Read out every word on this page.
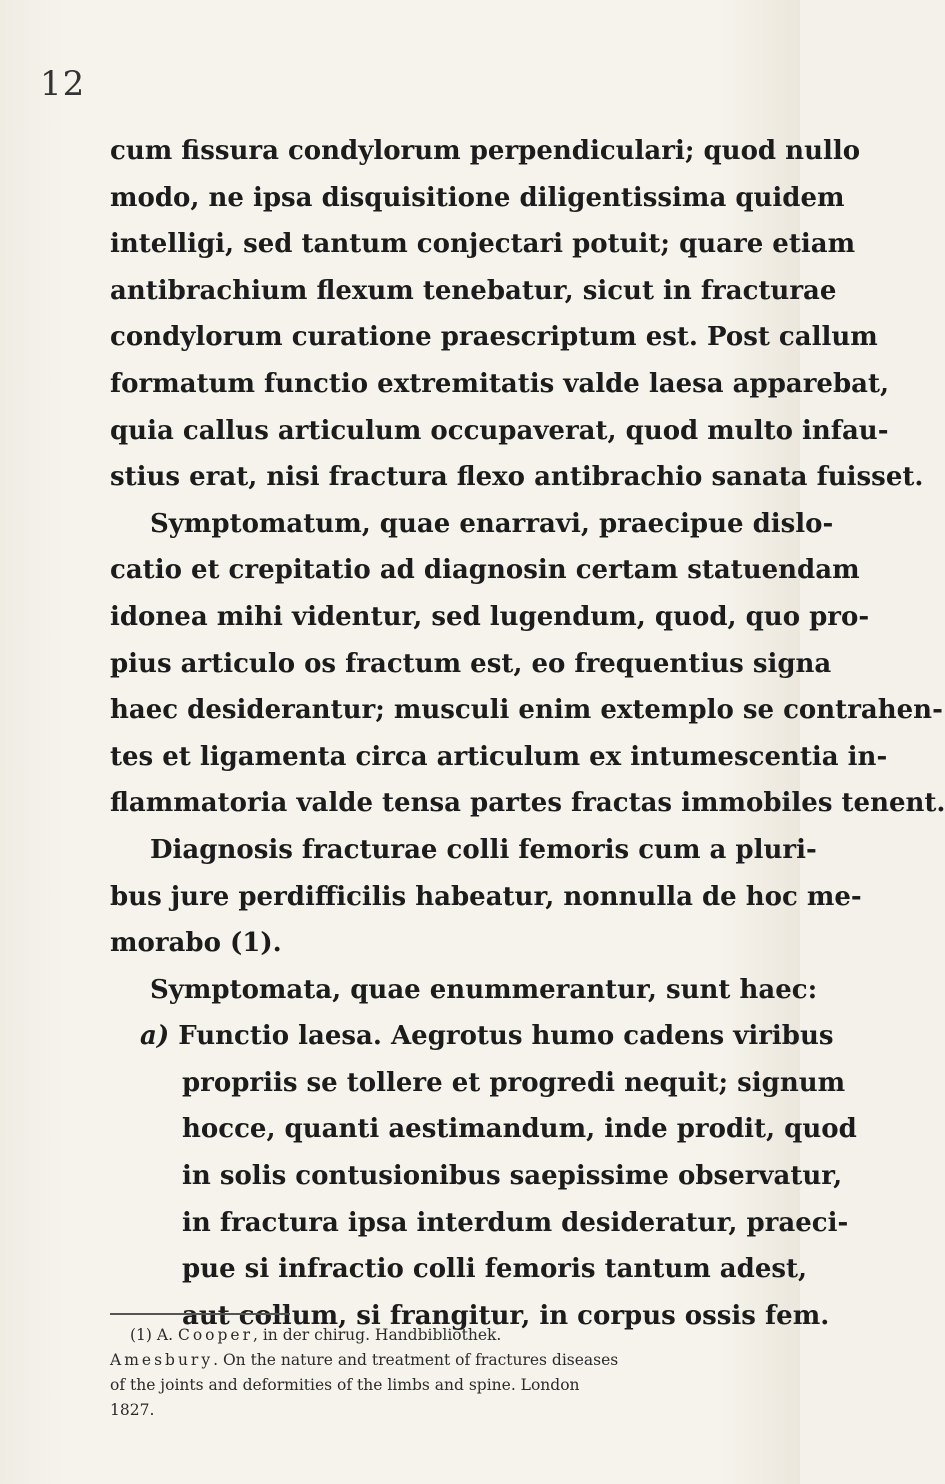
12
cum fissura condylorum perpendiculari; quod nullo
modo, ne ipsa disquisitione diligentissima quidem
intelligi, sed tantum conjectari potuit; quare etiam
antibrachium flexum tenebatur, sicut in fracturae
condylorum curatione praescriptum est. Post callum
formatum functio extremitatis valde laesa apparebat,
quia callus articulum occupaverat, quod multo infau-
stius erat, nisi fractura flexo antibrachio sanata fuisset.
Symptomatum, quae enarravi, praecipue dislo-
catio et crepitatio ad diagnosin certam statuendam
idonea mihi videntur, sed lugendum, quod, quo pro-
pius articulo os fractum est, eo frequentius signa
haec desiderantur; musculi enim extemplo se contrahen-
tes et ligamenta circa articulum ex intumescentia in-
flammatoria valde tensa partes fractas immobiles tenent.
Diagnosis fracturae colli femoris cum a pluri-
bus jure perdifficilis habeatur, nonnulla de hoc me-
morabo (1).
Symptomata, quae enummerantur, sunt haec:
a) Functio laesa. Aegrotus humo cadens viribus
propriis se tollere et progredi nequit; signum
hocce, quanti aestimandum, inde prodit, quod
in solis contusionibus saepissime observatur,
in fractura ipsa interdum desideratur, praeci-
pue si infractio colli femoris tantum adest,
aut collum, si frangitur, in corpus ossis fem.
(1) A. Cooper, in der chirug. Handbibliothek.
Amesbury. On the nature and treatment of fractures diseases
of the joints and deformities of the limbs and spine. London
1827.
